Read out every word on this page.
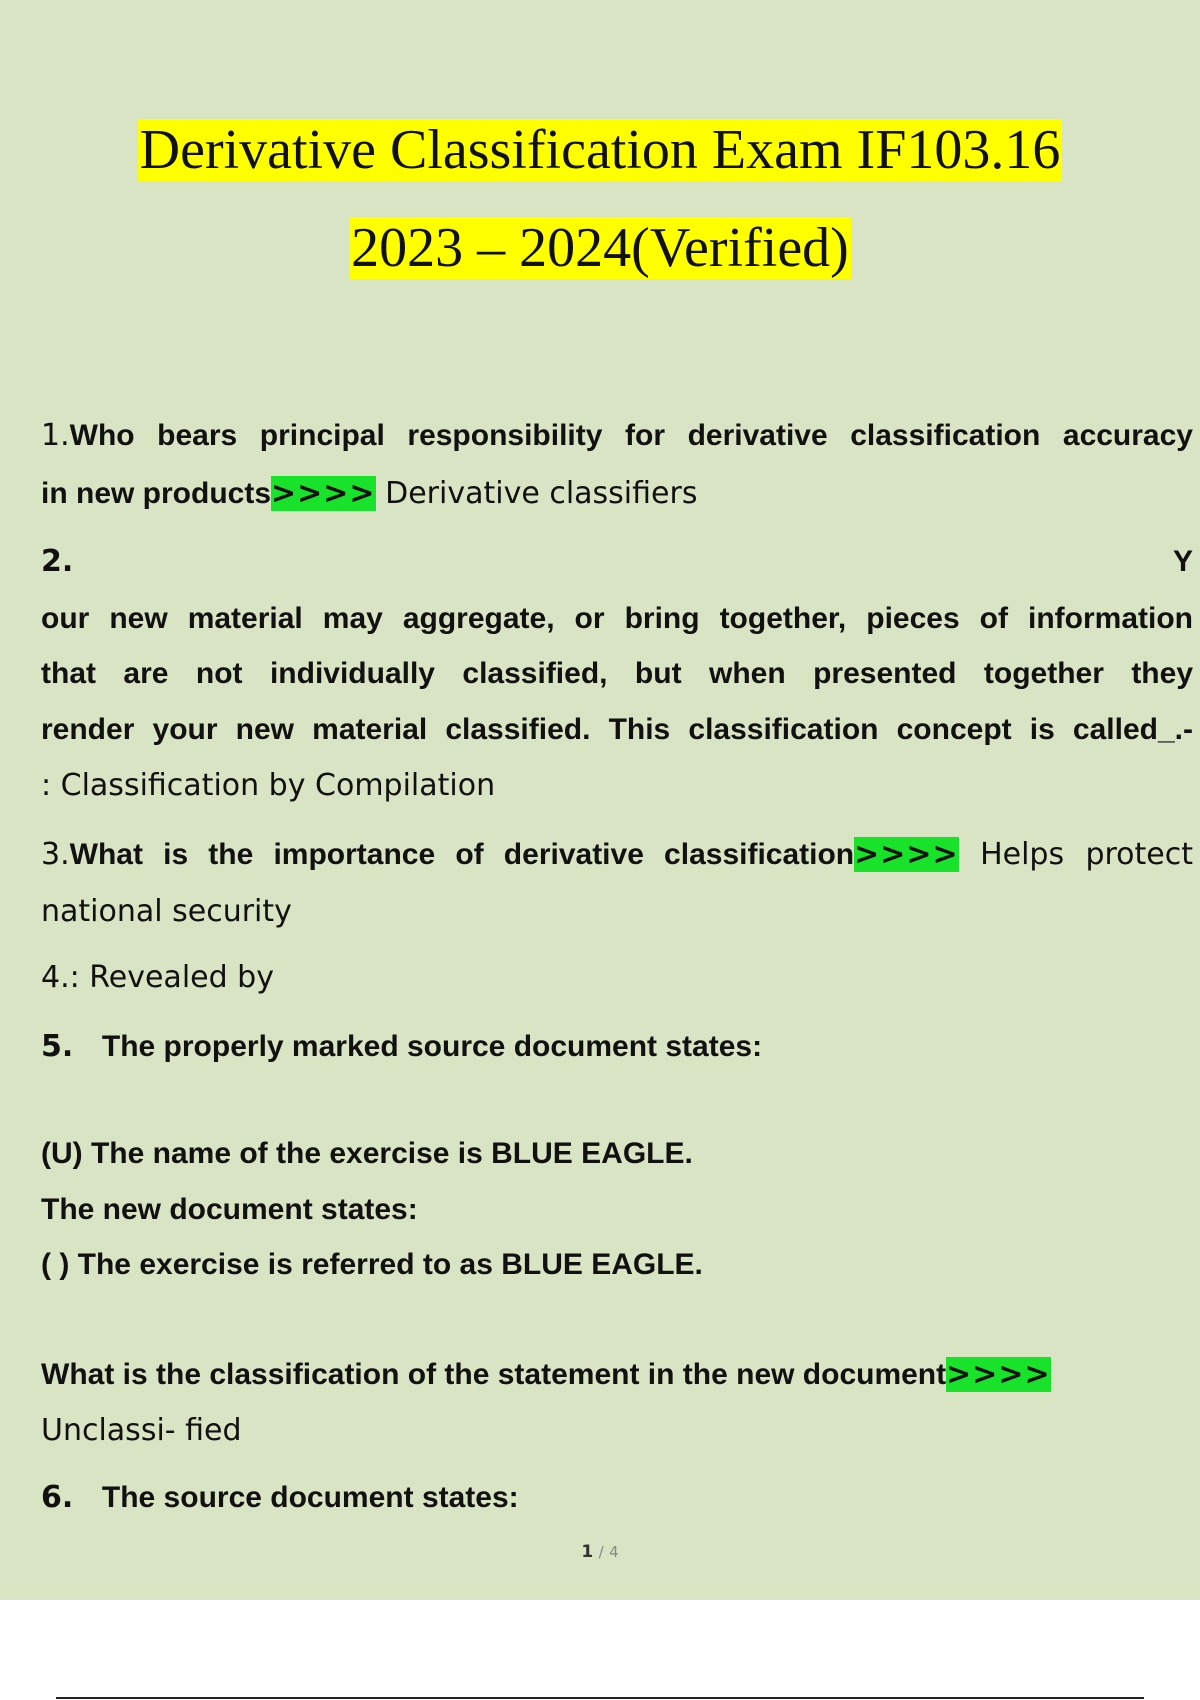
Derivative Classification Exam IF103.16
2023 – 2024(Verified)
1.Who bears principal responsibility for derivative classification accuracy
in new products>>>> Derivative classifiers
2.	Y
our new material may aggregate, or bring together, pieces of information
that are not individually classified, but when presented together they
render your new material classified. This classification concept is called_.-
: Classification by Compilation
3.What is the importance of derivative classification>>>> Helps protect
national security
4.: Revealed by
5. The properly marked source document states:
(U) The name of the exercise is BLUE EAGLE.
The new document states:
( ) The exercise is referred to as BLUE EAGLE.
What is the classification of the statement in the new document>>>>
Unclassi- fied
6. The source document states:
1 / 4
